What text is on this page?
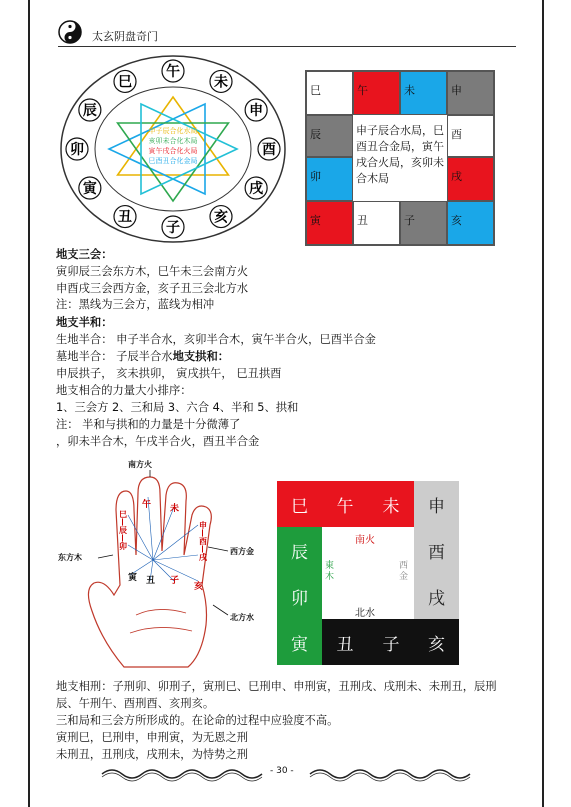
太玄阴盘奇门
午
未
申
酉
戌
亥
子
丑
寅
卯
辰
巳
申子辰合化水局
亥卯未合化木局
寅午戌合化火局
巳酉丑合化金局
巳	午	未	申
辰	酉
卯	戌
寅	丑	子	亥
申子辰合水局，巳
酉丑合金局，寅午
戌合火局，亥卯未
合木局
地支三会：
寅卯辰三会东方木，巳午未三会南方火
申酉戌三会西方金，亥子丑三会北方水
注：黑线为三会方，蓝线为相冲
地支半和：
生地半合： 申子半合水，亥卯半合木，寅午半合火，巳酉半合金
墓地半合： 子辰半合水地支拱和：
申辰拱子， 亥未拱卯， 寅戌拱午， 巳丑拱酉
地支相合的力量大小排序：
1、三会方 2、三和局 3、六合 4、半和 5、拱和
注： 半和与拱和的力量是十分微薄了
，卯未半合木，午戌半合火，酉丑半合金
南方火
东方木
西方金
北方水
午 未
寅 丑 子
亥
巳—辰—卯	申—酉—戌
巳	午	未	申
辰	酉
卯	戌
寅	丑	子	亥
南火
北水
東木
西金
地支相刑：子刑卯、卯刑子，寅刑巳、巳刑申、申刑寅，丑刑戌、戌刑未、未刑丑，辰刑
辰、午刑午、酉刑酉、亥刑亥。
三和局和三会方所形成的。在论命的过程中应验度不高。
寅刑巳，巳刑申，申刑寅，为无恩之刑
未刑丑，丑刑戌，戌刑未，为恃势之刑
- 30 -
